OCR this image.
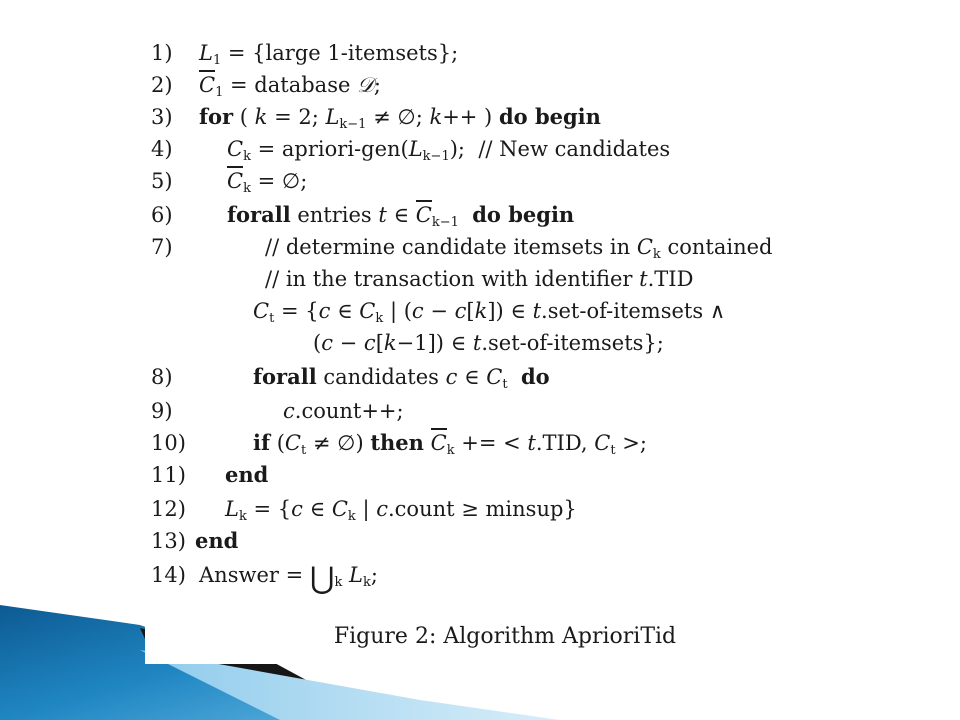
1)	$L_1$ = {large 1-itemsets};
2)	$C_1$ = database 𝒟;
3)	for ( k = 2; $L_{k-1}$ ≠ ∅; k++ ) do begin
4)	$C_k$ = apriori-$gen(L_{k-1})$;  // New candidates
5)	$C_k$ = ∅;
6)	forall entries t ∈ $C_{k-1}$ do begin
7)	// determine candidate itemsets in $C_k$ contained
// in the transaction with identifier t.TID
$C_t = \{c$ ∈ $C_k$ | (c − c[k]) ∈ t.set-of-itemsets ∧
(c − c[k−1]) ∈ t.set-of-itemsets};
8)	forall candidates c ∈ $C_t$ do
9)	c.count++;
10)	if ($C_t$ ≠ ∅) then $C_k$ += < t.TID, $C_t$ >;
11)	end
12)	$L_k = \{c$ ∈ $C_k$ | c.count ≥ minsup}
13) end
14) Answer = $⋃_k$ $L_k$;
Figure 2: Algorithm AprioriTid
